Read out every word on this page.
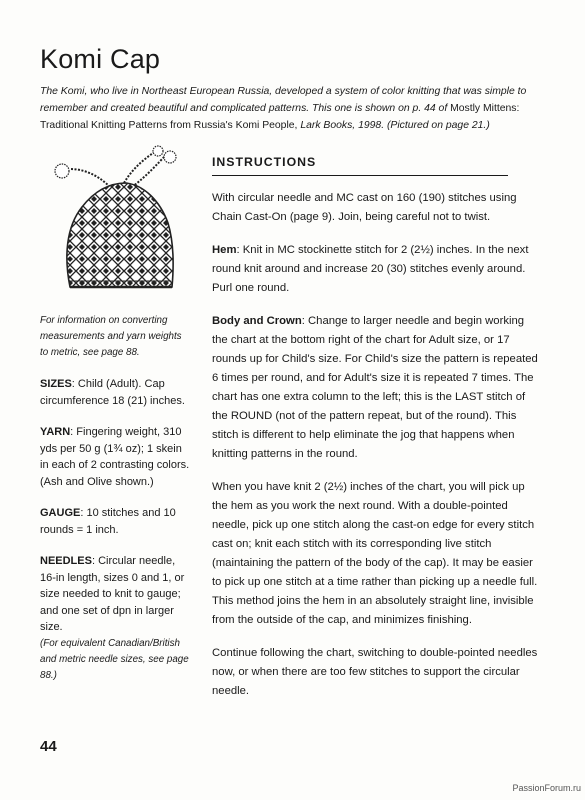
Komi Cap

The Komi, who live in Northeast European Russia, developed a system of color knitting that was simple to remember and created beautiful and complicated patterns. This one is shown on p. 44 of Mostly Mittens: Traditional Knitting Patterns from Russia's Komi People, Lark Books, 1998. (Pictured on page 21.)

For information on converting measurements and yarn weights to metric, see page 88.

SIZES: Child (Adult). Cap circumference 18 (21) inches.

YARN: Fingering weight, 310 yds per 50 g (1¾ oz); 1 skein in each of 2 contrasting colors. (Ash and Olive shown.)

GAUGE: 10 stitches and 10 rounds = 1 inch.

NEEDLES: Circular needle, 16-in length, sizes 0 and 1, or size needed to knit to gauge; and one set of dpn in larger size.

(For equivalent Canadian/British and metric needle sizes, see page 88.)

INSTRUCTIONS

With circular needle and MC cast on 160 (190) stitches using Chain Cast-On (page 9). Join, being careful not to twist.

Hem: Knit in MC stockinette stitch for 2 (2½) inches. In the next round knit around and increase 20 (30) stitches evenly around. Purl one round.

Body and Crown: Change to larger needle and begin working the chart at the bottom right of the chart for Adult size, or 17 rounds up for Child's size. For Child's size the pattern is repeated 6 times per round, and for Adult's size it is repeated 7 times. The chart has one extra column to the left; this is the LAST stitch of the ROUND (not of the pattern repeat, but of the round). This stitch is different to help eliminate the jog that happens when knitting patterns in the round.

When you have knit 2 (2½) inches of the chart, you will pick up the hem as you work the next round. With a double-pointed needle, pick up one stitch along the cast-on edge for every stitch cast on; knit each stitch with its corresponding live stitch (maintaining the pattern of the body of the cap). It may be easier to pick up one stitch at a time rather than picking up a needle full. This method joins the hem in an absolutely straight line, invisible from the outside of the cap, and minimizes finishing.

Continue following the chart, switching to double-pointed needles now, or when there are too few stitches to support the circular needle.

44
PassionForum.ru
